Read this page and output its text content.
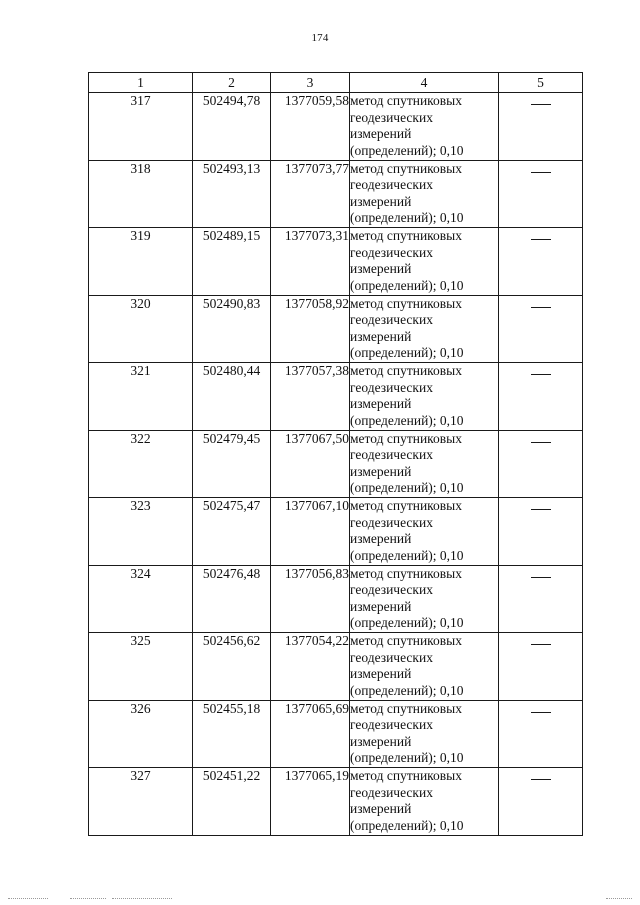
174
1	2	3	4	5
317	502494,78	1377059,58	метод спутниковых
геодезических
измерений
(определений); 0,10	

318	502493,13	1377073,77	метод спутниковых
геодезических
измерений
(определений); 0,10	

319	502489,15	1377073,31	метод спутниковых
геодезических
измерений
(определений); 0,10	

320	502490,83	1377058,92	метод спутниковых
геодезических
измерений
(определений); 0,10	

321	502480,44	1377057,38	метод спутниковых
геодезических
измерений
(определений); 0,10	

322	502479,45	1377067,50	метод спутниковых
геодезических
измерений
(определений); 0,10	

323	502475,47	1377067,10	метод спутниковых
геодезических
измерений
(определений); 0,10	

324	502476,48	1377056,83	метод спутниковых
геодезических
измерений
(определений); 0,10	

325	502456,62	1377054,22	метод спутниковых
геодезических
измерений
(определений); 0,10	

326	502455,18	1377065,69	метод спутниковых
геодезических
измерений
(определений); 0,10	

327	502451,22	1377065,19	метод спутниковых
геодезических
измерений
(определений); 0,10	
